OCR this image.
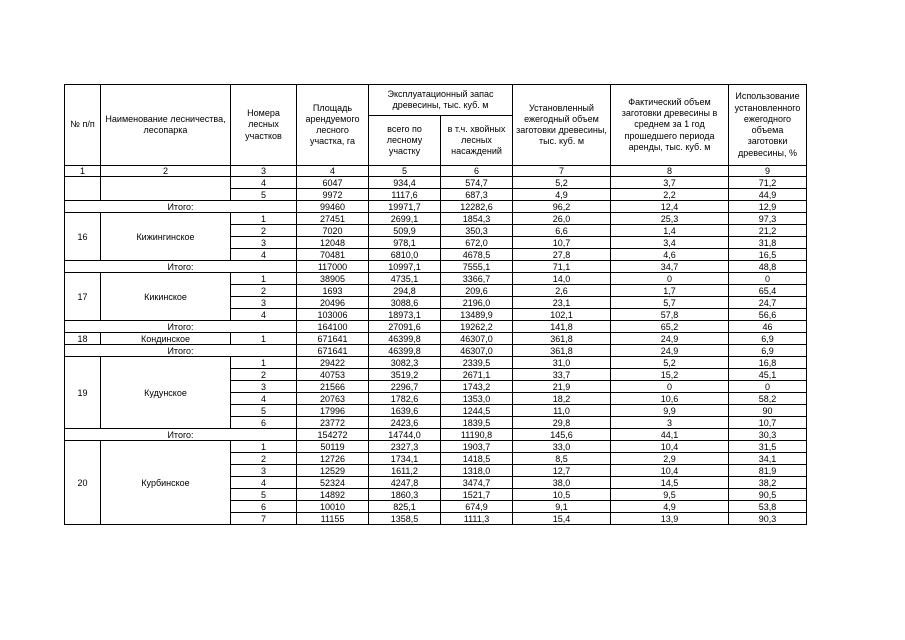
№ п/п	Наименование лесничества, лесопарка	Номера лесных участков	Площадь арендуемого лесного участка, га	Эксплуатационный запас древесины, тыс. куб. м		Установленный ежегодный объем заготовки древесины, тыс. куб. м	Фактический объем заготовки древесины в среднем за 1 год прошедшего периода аренды, тыс. куб. м	Использование установленного ежегодного объема заготовки древесины, %
				всего по лесному участку	в т.ч. хвойных лесных насаждений			
1	2	3	4	5	6	7	8	9
		4	6047	934,4	574,7	5,2	3,7	71,2
		5	9972	1117,6	687,3	4,9	2,2	44,9
Итого:			99460	19971,7	12282,6	96,2	12,4	12,9
16	Кижингинское	1	27451	2699,1	1854,3	26,0	25,3	97,3
		2	7020	509,9	350,3	6,6	1,4	21,2
		3	12048	978,1	672,0	10,7	3,4	31,8
		4	70481	6810,0	4678,5	27,8	4,6	16,5
Итого:			117000	10997,1	7555,1	71,1	34,7	48,8
17	Кикинское	1	38905	4735,1	3366,7	14,0	0	0
		2	1693	294,8	209,6	2,6	1,7	65,4
		3	20496	3088,6	2196,0	23,1	5,7	24,7
		4	103006	18973,1	13489,9	102,1	57,8	56,6
Итого:			164100	27091,6	19262,2	141,8	65,2	46
18	Кондинское	1	671641	46399,8	46307,0	361,8	24,9	6,9
Итого:			671641	46399,8	46307,0	361,8	24,9	6,9
19	Кудунское	1	29422	3082,3	2339,5	31,0	5,2	16,8
		2	40753	3519,2	2671,1	33,7	15,2	45,1
		3	21566	2296,7	1743,2	21,9	0	0
		4	20763	1782,6	1353,0	18,2	10,6	58,2
		5	17996	1639,6	1244,5	11,0	9,9	90
		6	23772	2423,6	1839,5	29,8	3	10,7
Итого:			154272	14744,0	11190,8	145,6	44,1	30,3
20	Курбинское	1	50119	2327,3	1903,7	33,0	10,4	31,5
		2	12726	1734,1	1418,5	8,5	2,9	34,1
		3	12529	1611,2	1318,0	12,7	10,4	81,9
		4	52324	4247,8	3474,7	38,0	14,5	38,2
		5	14892	1860,3	1521,7	10,5	9,5	90,5
		6	10010	825,1	674,9	9,1	4,9	53,8
		7	11155	1358,5	1111,3	15,4	13,9	90,3
